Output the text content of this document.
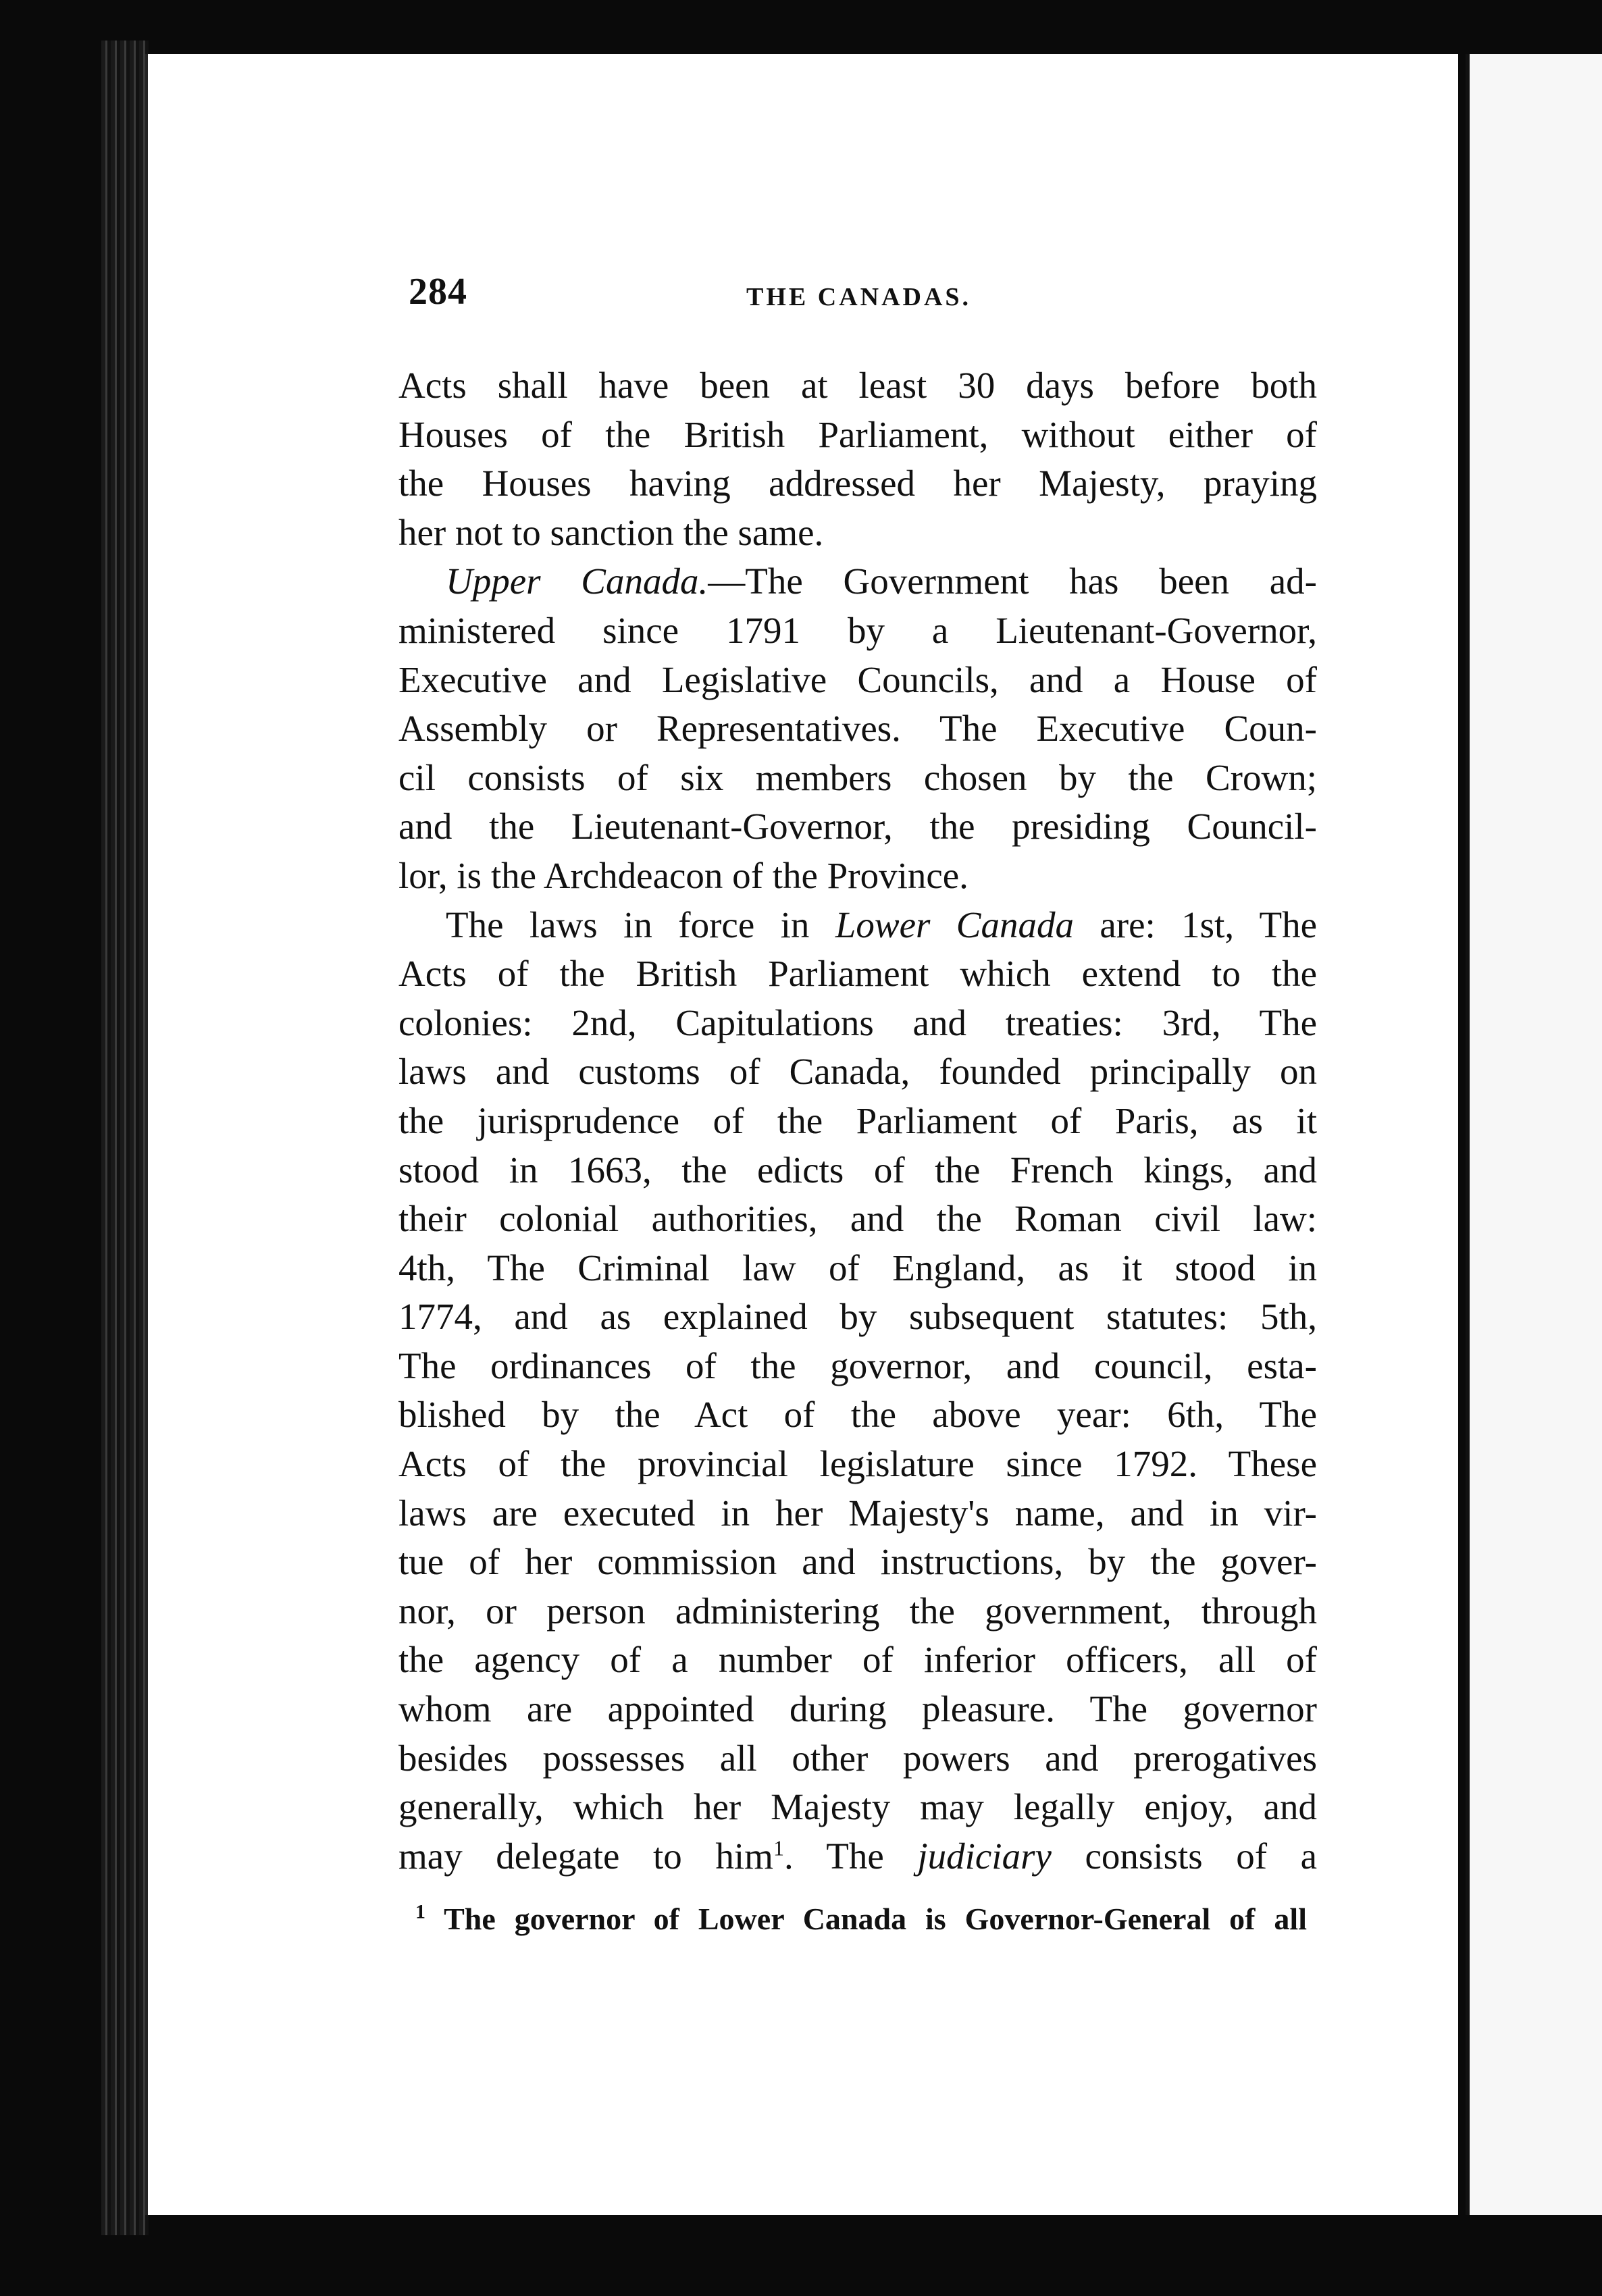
284	THE CANADAS.
Acts shall have been at least 30 days before both
Houses of the British Parliament, without either of
the Houses having addressed her Majesty, praying
her not to sanction the same.
Upper Canada.—The Government has been ad-
ministered since 1791 by a Lieutenant-Governor,
Executive and Legislative Councils, and a House of
Assembly or Representatives. The Executive Coun-
cil consists of six members chosen by the Crown;
and the Lieutenant-Governor, the presiding Council-
lor, is the Archdeacon of the Province.
The laws in force in Lower Canada are: 1st, The
Acts of the British Parliament which extend to the
colonies: 2nd, Capitulations and treaties: 3rd, The
laws and customs of Canada, founded principally on
the jurisprudence of the Parliament of Paris, as it
stood in 1663, the edicts of the French kings, and
their colonial authorities, and the Roman civil law:
4th, The Criminal law of England, as it stood in
1774, and as explained by subsequent statutes: 5th,
The ordinances of the governor, and council, esta-
blished by the Act of the above year: 6th, The
Acts of the provincial legislature since 1792. These
laws are executed in her Majesty's name, and in vir-
tue of her commission and instructions, by the gover-
nor, or person administering the government, through
the agency of a number of inferior officers, all of
whom are appointed during pleasure. The governor
besides possesses all other powers and prerogatives
generally, which her Majesty may legally enjoy, and
may delegate to him$^1$. The judiciary consists of a
$^1$ The governor of Lower Canada is Governor-General of all
